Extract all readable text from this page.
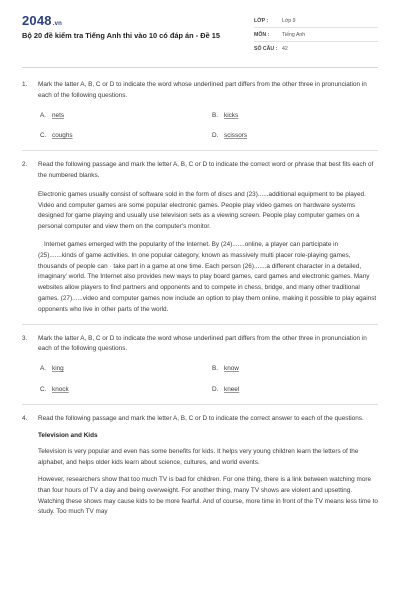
2048.vn
Bộ 20 đề kiểm tra Tiếng Anh thi vào 10 có đáp án - Đề 15
LỚP :	Lớp 9
MÔN :	Tiếng Anh
SỐ CÂU : 42
1. Mark the latter A, B, C or D to indicate the word whose underlined part differs from the other three in pronunciation in each of the following questions.
A. nets	B. kicks
C. coughs	D. scissors
2. Read the following passage and mark the letter A, B, C or D to indicate the correct word or phrase that best fits each of the numbered blanks.
Electronic games usually consist of software sold in the form of discs and (23)......additional equipment to be played. Video and computer games are some popular electronic games. People play video games on hardware systems designed for game playing and usually use television sets as a viewing screen. People play computer games on a personal computer and view them on the computer's monitor.
Internet games emerged with the popularity of the Internet. By (24).......online, a player can participate in (25).......kinds of game activities. In one popular category, known as massively multi placer role-playing games, thousands of people can · take part in a game at one time. Each person (26).......a different character in a detailed, imaginary' world. The Internet also provides new ways to play board games, card games and electronic games. Many websites allow players to find partners and opponents and to compete in chess, bridge, and many other traditional games. (27)......video and computer games now include an option to play them online, making it possible to play against opponents who live in other parts of the world.
3. Mark the latter A, B, C or D to indicate the word whose underlined part differs from the other three in pronunciation in each of the following questions.
A. king	B. know
C. knock	D. kneel
4. Read the following passage and mark the letter A, B, C or D to indicate the correct answer to each of the questions.
Television and Kids
Television is very popular and even has some benefits for kids. It helps very young children learn the letters of the alphabet, and helps older kids learn about science, cultures, and world events.
However, researchers show that too much TV is bad for children. For one thing, there is a link between watching more than four hours of TV a day and being overweight. For another thing, many TV shows are violent and upsetting. Watching these shows may cause kids to be more fearful. And of course, more time in front of the TV means less time to study. Too much TV may
